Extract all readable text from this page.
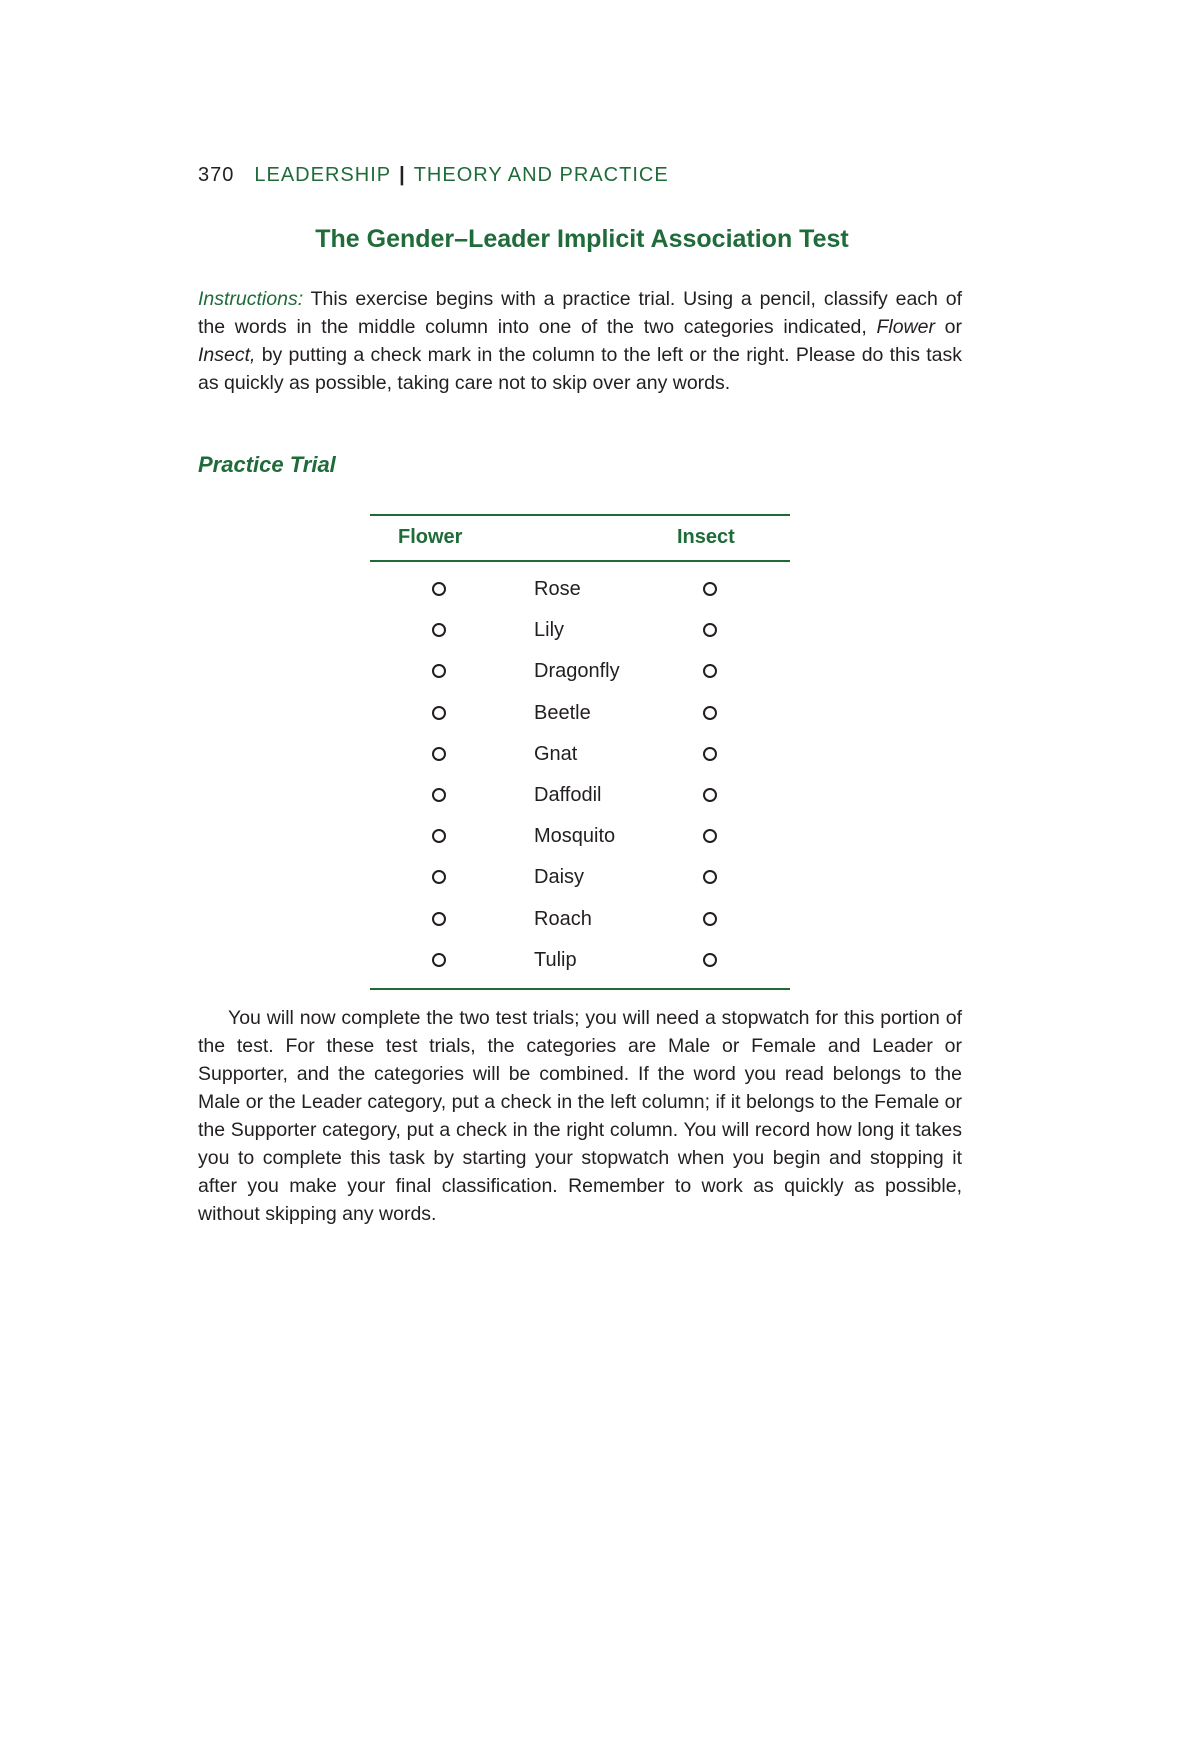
370 LEADERSHIP | THEORY AND PRACTICE
The Gender–Leader Implicit Association Test

Instructions: This exercise begins with a practice trial. Using a pencil, classify each of the words in the middle column into one of the two categories indicated, Flower or Insect, by putting a check mark in the column to the left or the right. Please do this task as quickly as possible, taking care not to skip over any words.

Practice Trial
Flower	Insect
Rose
Lily
Dragonfly
Beetle
Gnat
Daffodil
Mosquito
Daisy
Roach
Tulip

You will now complete the two test trials; you will need a stopwatch for this portion of the test. For these test trials, the categories are Male or Female and Leader or Supporter, and the categories will be combined. If the word you read belongs to the Male or the Leader category, put a check in the left column; if it belongs to the Female or the Supporter category, put a check in the right column. You will record how long it takes you to complete this task by starting your stopwatch when you begin and stopping it after you make your final classification. Remember to work as quickly as possible, without skipping any words.
